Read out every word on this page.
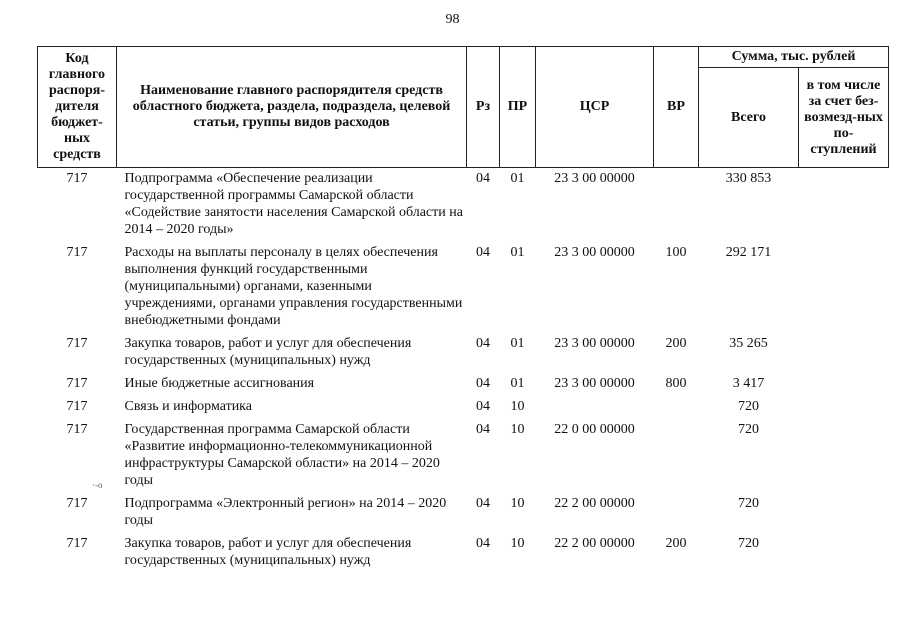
98
Код главного распоря-дителя бюджет-ных средств	Наименование главного распорядителя средств областного бюджета, раздела, подраздела, целевой статьи, группы видов расходов	Рз	ПР	ЦСР	ВР	Сумма, тыс. рублей	
						Всего	в том числе за счет без-возмезд-ных по-ступлений
717	Подпрограмма «Обеспечение реализации государственной программы Самарской области «Содействие занятости населения Самарской области на 2014 – 2020 годы»	04	01	23 3 00 00000		330 853	
717	Расходы на выплаты персоналу в целях обеспечения выполнения функций государственными (муниципальными) органами, казенными учреждениями, органами управления государственными внебюджетными фондами	04	01	23 3 00 00000	100	292 171	
717	Закупка товаров, работ и услуг для обеспечения государственных (муниципальных) нужд	04	01	23 3 00 00000	200	35 265	
717	Иные бюджетные ассигнования	04	01	23 3 00 00000	800	3 417	
717	Связь и информатика	04	10			720	
717	Государственная программа Самарской области «Развитие информационно-телекоммуникационной инфраструктуры Самарской области» на 2014 – 2020 годы	04	10	22 0 00 00000		720	
717	Подпрограмма «Электронный регион» на 2014 – 2020 годы	04	10	22 2 00 00000		720	
717	Закупка товаров, работ и услуг для обеспечения государственных (муниципальных) нужд	04	10	22 2 00 00000	200	720	
·-o
